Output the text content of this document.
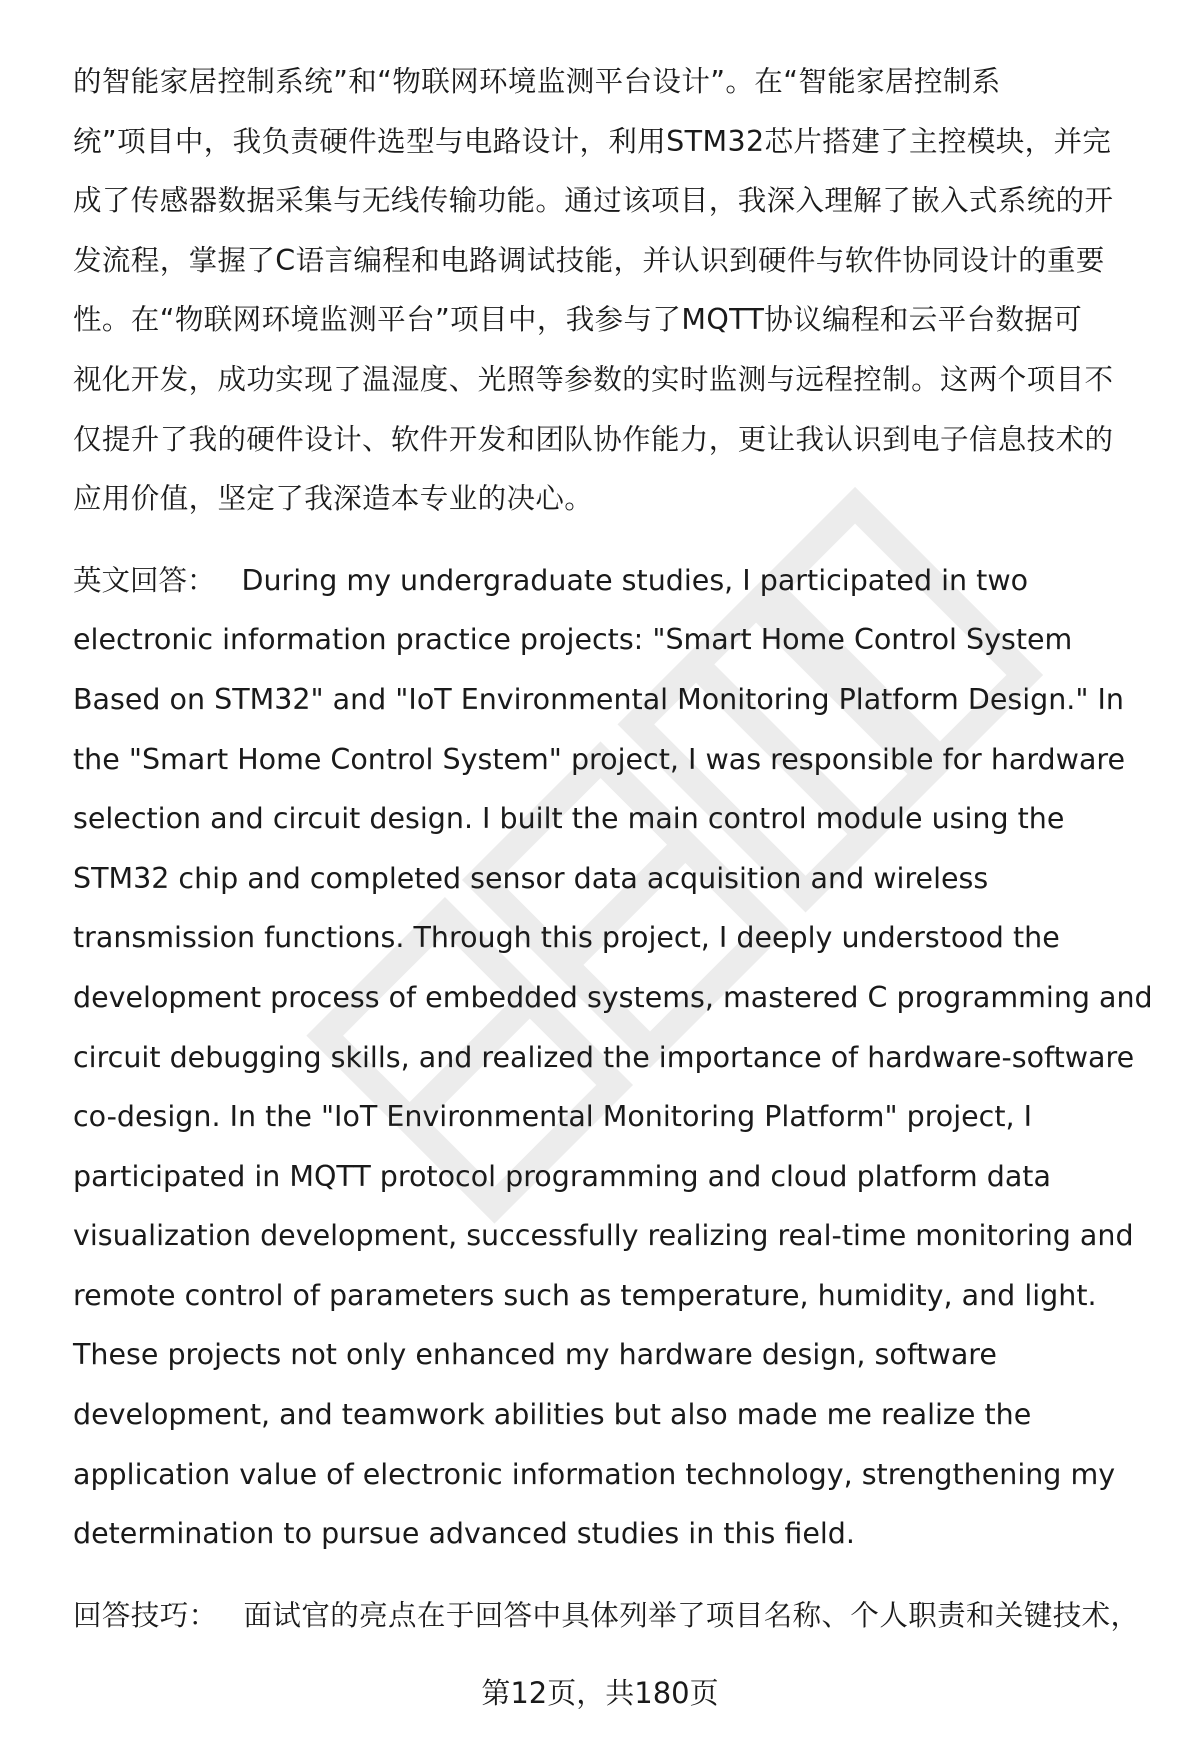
的智能家居控制系统”和“物联网环境监测平台设计”。在“智能家居控制系
统”项目中，我负责硬件选型与电路设计，利用STM32芯片搭建了主控模块，并完
成了传感器数据采集与无线传输功能。通过该项目，我深入理解了嵌入式系统的开
发流程，掌握了C语言编程和电路调试技能，并认识到硬件与软件协同设计的重要
性。在“物联网环境监测平台”项目中，我参与了MQTT协议编程和云平台数据可
视化开发，成功实现了温湿度、光照等参数的实时监测与远程控制。这两个项目不
仅提升了我的硬件设计、软件开发和团队协作能力，更让我认识到电子信息技术的
应用价值，坚定了我深造本专业的决心。
英文回答： During my undergraduate studies, I participated in two
electronic information practice projects: "Smart Home Control System
Based on STM32" and "IoT Environmental Monitoring Platform Design." In
the "Smart Home Control System" project, I was responsible for hardware
selection and circuit design. I built the main control module using the
STM32 chip and completed sensor data acquisition and wireless
transmission functions. Through this project, I deeply understood the
development process of embedded systems, mastered C programming and
circuit debugging skills, and realized the importance of hardware-software
co-design. In the "IoT Environmental Monitoring Platform" project, I
participated in MQTT protocol programming and cloud platform data
visualization development, successfully realizing real-time monitoring and
remote control of parameters such as temperature, humidity, and light.
These projects not only enhanced my hardware design, software
development, and teamwork abilities but also made me realize the
application value of electronic information technology, strengthening my
determination to pursue advanced studies in this field.
回答技巧： 面试官的亮点在于回答中具体列举了项目名称、个人职责和关键技术，
第12页，共180页
